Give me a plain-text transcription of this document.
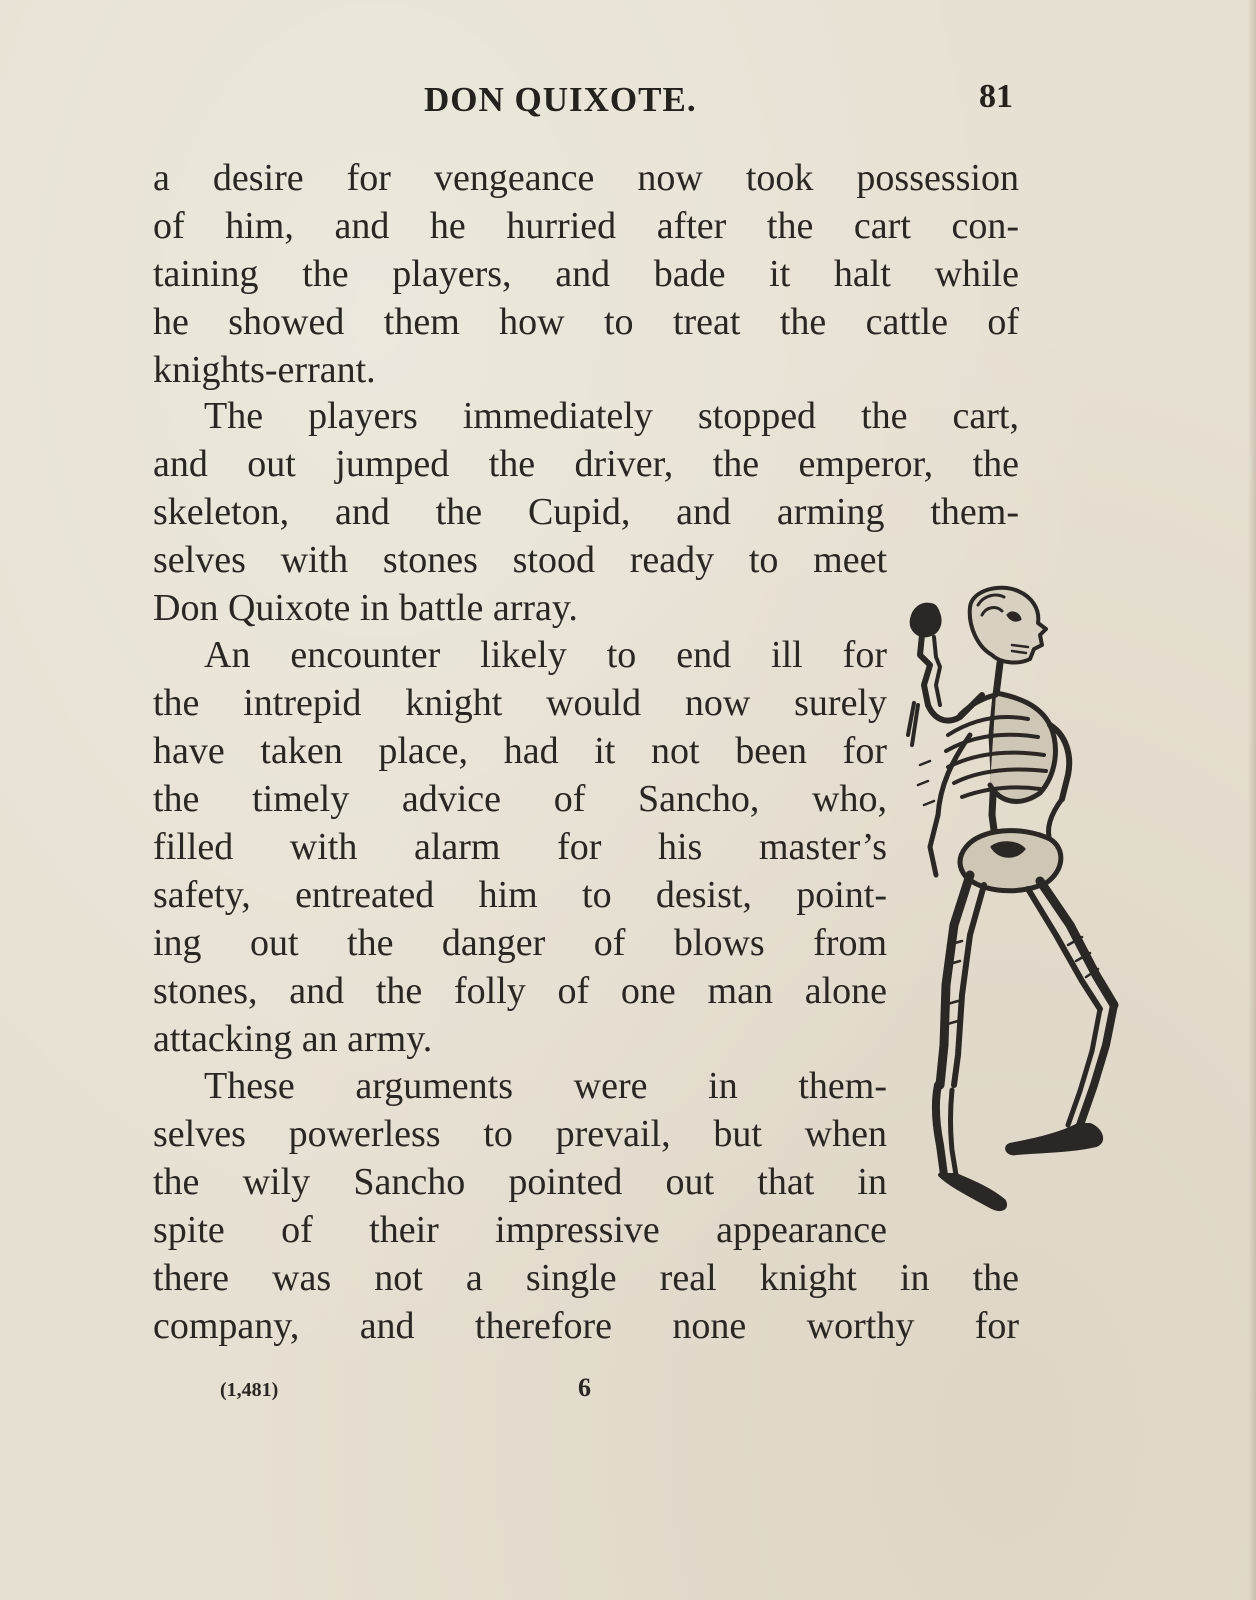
DON QUIXOTE.	81
a desire for vengeance now took possession
of him, and he hurried after the cart con-
taining the players, and bade it halt while
he showed them how to treat the cattle of
knights-errant.
The players immediately stopped the cart,
and out jumped the driver, the emperor, the
skeleton, and the Cupid, and arming them-
selves with stones stood ready to meet
Don Quixote in battle array.
An encounter likely to end ill for
the intrepid knight would now surely
have taken place, had it not been for
the timely advice of Sancho, who,
filled with alarm for his master’s
safety, entreated him to desist, point-
ing out the danger of blows from
stones, and the folly of one man alone
attacking an army.
These arguments were in them-
selves powerless to prevail, but when
the wily Sancho pointed out that in
spite of their impressive appearance
there was not a single real knight in the
company, and therefore none worthy for
(1,481)	6
